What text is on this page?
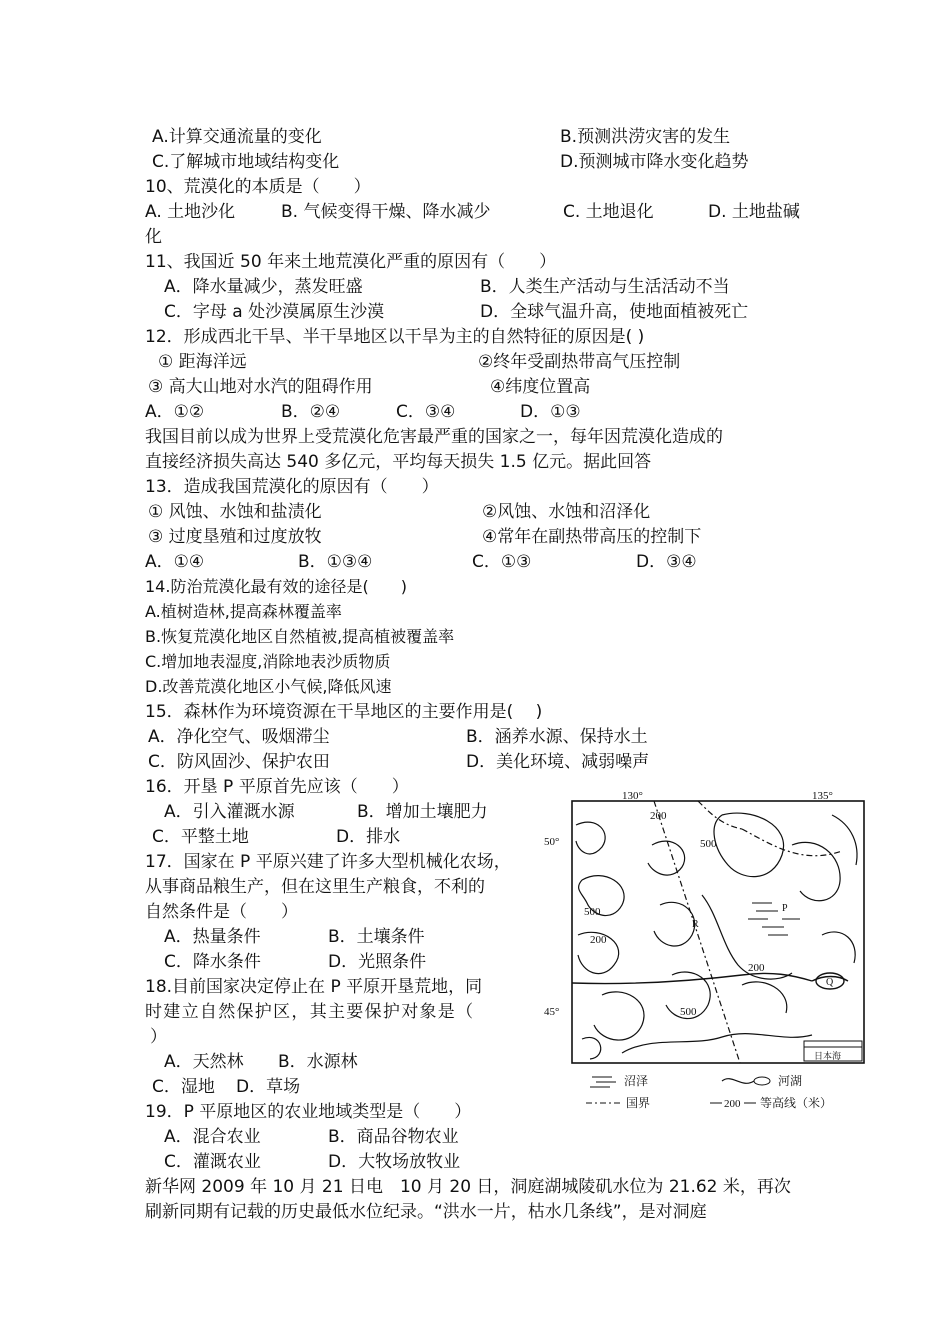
A.计算交通流量的变化	B.预测洪涝灾害的发生
C.了解城市地域结构变化	D.预测城市降水变化趋势
10、荒漠化的本质是（　　）
A. 土地沙化	B. 气候变得干燥、降水减少	C. 土地退化	D. 土地盐碱
化
11、我国近 50 年来土地荒漠化严重的原因有（　　）
A．降水量减少，蒸发旺盛	B．人类生产活动与生活活动不当
C．字母 a 处沙漠属原生沙漠	D．全球气温升高，使地面植被死亡
12．形成西北干旱、半干旱地区以干旱为主的自然特征的原因是( )
① 距海洋远	②终年受副热带高气压控制
③ 高大山地对水汽的阻碍作用	④纬度位置高
A．①②	B．②④	C．③④	D．①③
我国目前以成为世界上受荒漠化危害最严重的国家之一，每年因荒漠化造成的
直接经济损失高达 540 多亿元，平均每天损失 1.5 亿元。据此回答
13．造成我国荒漠化的原因有（　　）
① 风蚀、水蚀和盐渍化	②风蚀、水蚀和沼泽化
③ 过度垦殖和过度放牧	④常年在副热带高压的控制下
A．①④	B．①③④	C．①③	D．③④
14.防治荒漠化最有效的途径是(　　)
A.植树造林,提高森林覆盖率
B.恢复荒漠化地区自然植被,提高植被覆盖率
C.增加地表湿度,消除地表沙质物质
D.改善荒漠化地区小气候,降低风速
15．森林作为环境资源在干旱地区的主要作用是(　 )
A．净化空气、吸烟滞尘	B．涵养水源、保持水土
C．防风固沙、保护农田	D．美化环境、减弱噪声
16．开垦 P 平原首先应该（　　）
A．引入灌溉水源	B．增加土壤肥力
C．平整土地	D．排水
17．国家在 P 平原兴建了许多大型机械化农场，
从事商品粮生产，但在这里生产粮食，不利的
自然条件是（　　）
A．热量条件	B．土壤条件
C．降水条件	D．光照条件
18.目前国家决定停止在 P 平原开垦荒地，同
时建立自然保护区，其主要保护对象是（
）
A．天然林 B．水源林
C．湿地 D．草场
19．P 平原地区的农业地域类型是（　　）
A．混合农业	B．商品谷物农业
C．灌溉农业	D．大牧场放牧业
新华网 2009 年 10 月 21 日电　10 月 20 日，洞庭湖城陵矶水位为 21.62 米，再次
刷新同期有记载的历史最低水位纪录。“洪水一片，枯水几条线”，是对洞庭
130°	135°
50°
45°
200
500
500
200
200
500
P
R
Q
日本海
沼泽	河湖
国界	200 等高线（米）
